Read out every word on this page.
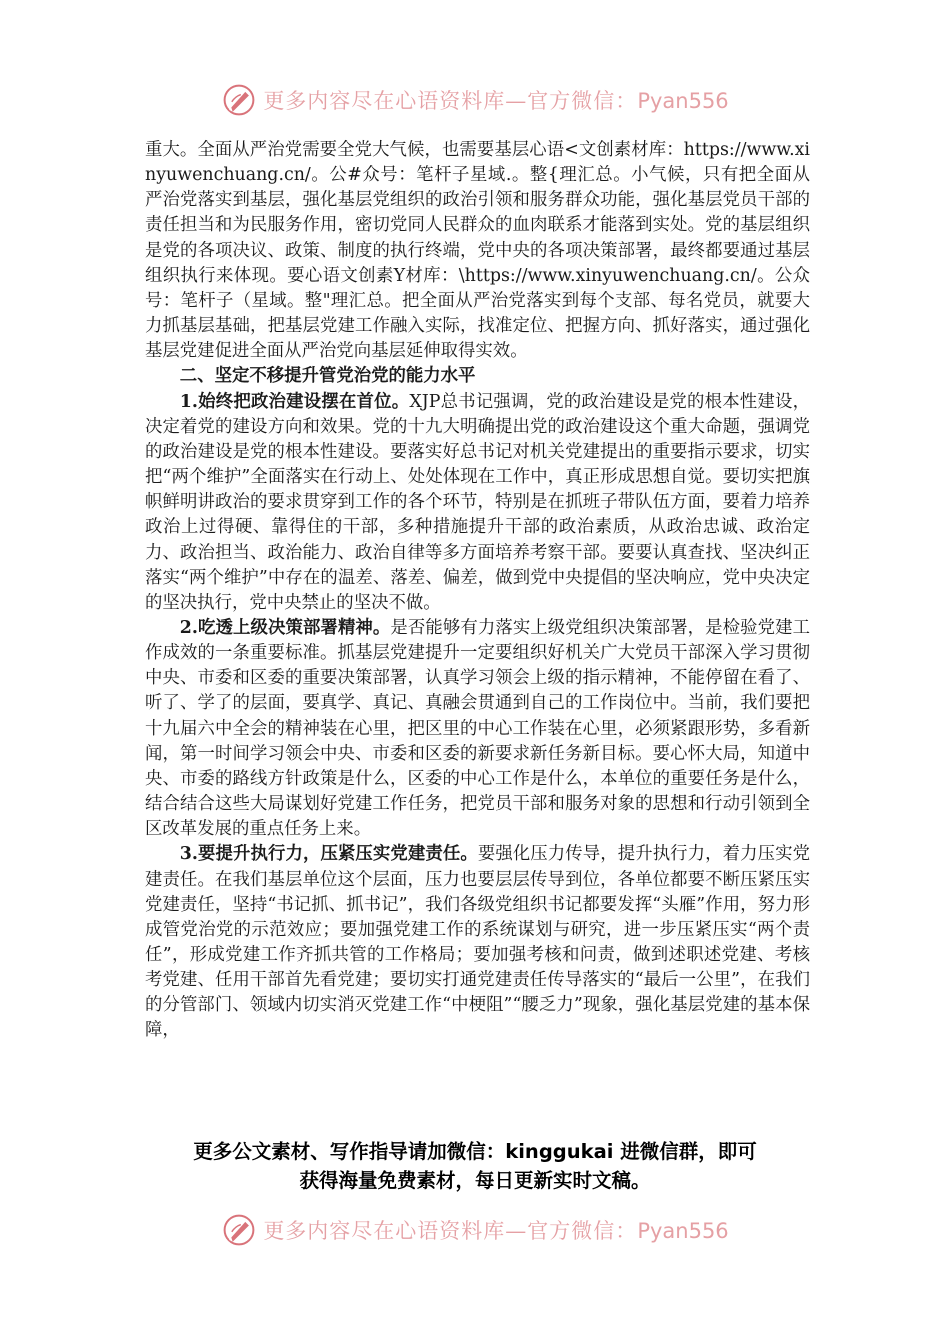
更多内容尽在心语资料库—官方微信：Pyan556

重大。全面从严治党需要全党大气候，也需要基层心语<文创素材库：https://www.xinyuwenchuang.cn/。公#众号：笔杆子星域.。整{理汇总。小气候，只有把全面从严治党落实到基层，强化基层党组织的政治引领和服务群众功能，强化基层党员干部的责任担当和为民服务作用，密切党同人民群众的血肉联系才能落到实处。党的基层组织是党的各项决议、政策、制度的执行终端，党中央的各项决策部署，最终都要通过基层组织执行来体现。要心语文创素Y材库：\https://www.xinyuwenchuang.cn/。公众号：笔杆子（星域。整"理汇总。把全面从严治党落实到每个支部、每名党员，就要大力抓基层基础，把基层党建工作融入实际，找准定位、把握方向、抓好落实，通过强化基层党建促进全面从严治党向基层延伸取得实效。

二、坚定不移提升管党治党的能力水平

1.始终把政治建设摆在首位。XJP总书记强调，党的政治建设是党的根本性建设，决定着党的建设方向和效果。党的十九大明确提出党的政治建设这个重大命题，强调党的政治建设是党的根本性建设。要落实好总书记对机关党建提出的重要指示要求，切实把“两个维护”全面落实在行动上、处处体现在工作中，真正形成思想自觉。要切实把旗帜鲜明讲政治的要求贯穿到工作的各个环节，特别是在抓班子带队伍方面，要着力培养政治上过得硬、靠得住的干部，多种措施提升干部的政治素质，从政治忠诚、政治定力、政治担当、政治能力、政治自律等多方面培养考察干部。要要认真查找、坚决纠正落实“两个维护”中存在的温差、落差、偏差，做到党中央提倡的坚决响应，党中央决定的坚决执行，党中央禁止的坚决不做。

2.吃透上级决策部署精神。是否能够有力落实上级党组织决策部署，是检验党建工作成效的一条重要标准。抓基层党建提升一定要组织好机关广大党员干部深入学习贯彻中央、市委和区委的重要决策部署，认真学习领会上级的指示精神，不能停留在看了、听了、学了的层面，要真学、真记、真融会贯通到自己的工作岗位中。当前，我们要把十九届六中全会的精神装在心里，把区里的中心工作装在心里，必须紧跟形势，多看新闻，第一时间学习领会中央、市委和区委的新要求新任务新目标。要心怀大局，知道中央、市委的路线方针政策是什么，区委的中心工作是什么，本单位的重要任务是什么，结合结合这些大局谋划好党建工作任务，把党员干部和服务对象的思想和行动引领到全区改革发展的重点任务上来。

3.要提升执行力，压紧压实党建责任。要强化压力传导，提升执行力，着力压实党建责任。在我们基层单位这个层面，压力也要层层传导到位，各单位都要不断压紧压实党建责任，坚持“书记抓、抓书记”，我们各级党组织书记都要发挥“头雁”作用，努力形成管党治党的示范效应；要加强党建工作的系统谋划与研究，进一步压紧压实“两个责任”，形成党建工作齐抓共管的工作格局；要加强考核和问责，做到述职述党建、考核考党建、任用干部首先看党建；要切实打通党建责任传导落实的“最后一公里”，在我们的分管部门、领域内切实消灭党建工作“中梗阻”“腰乏力”现象，强化基层党建的基本保障，

更多公文素材、写作指导请加微信：kinggukai 进微信群，即可
获得海量免费素材，每日更新实时文稿。
更多内容尽在心语资料库—官方微信：Pyan556
